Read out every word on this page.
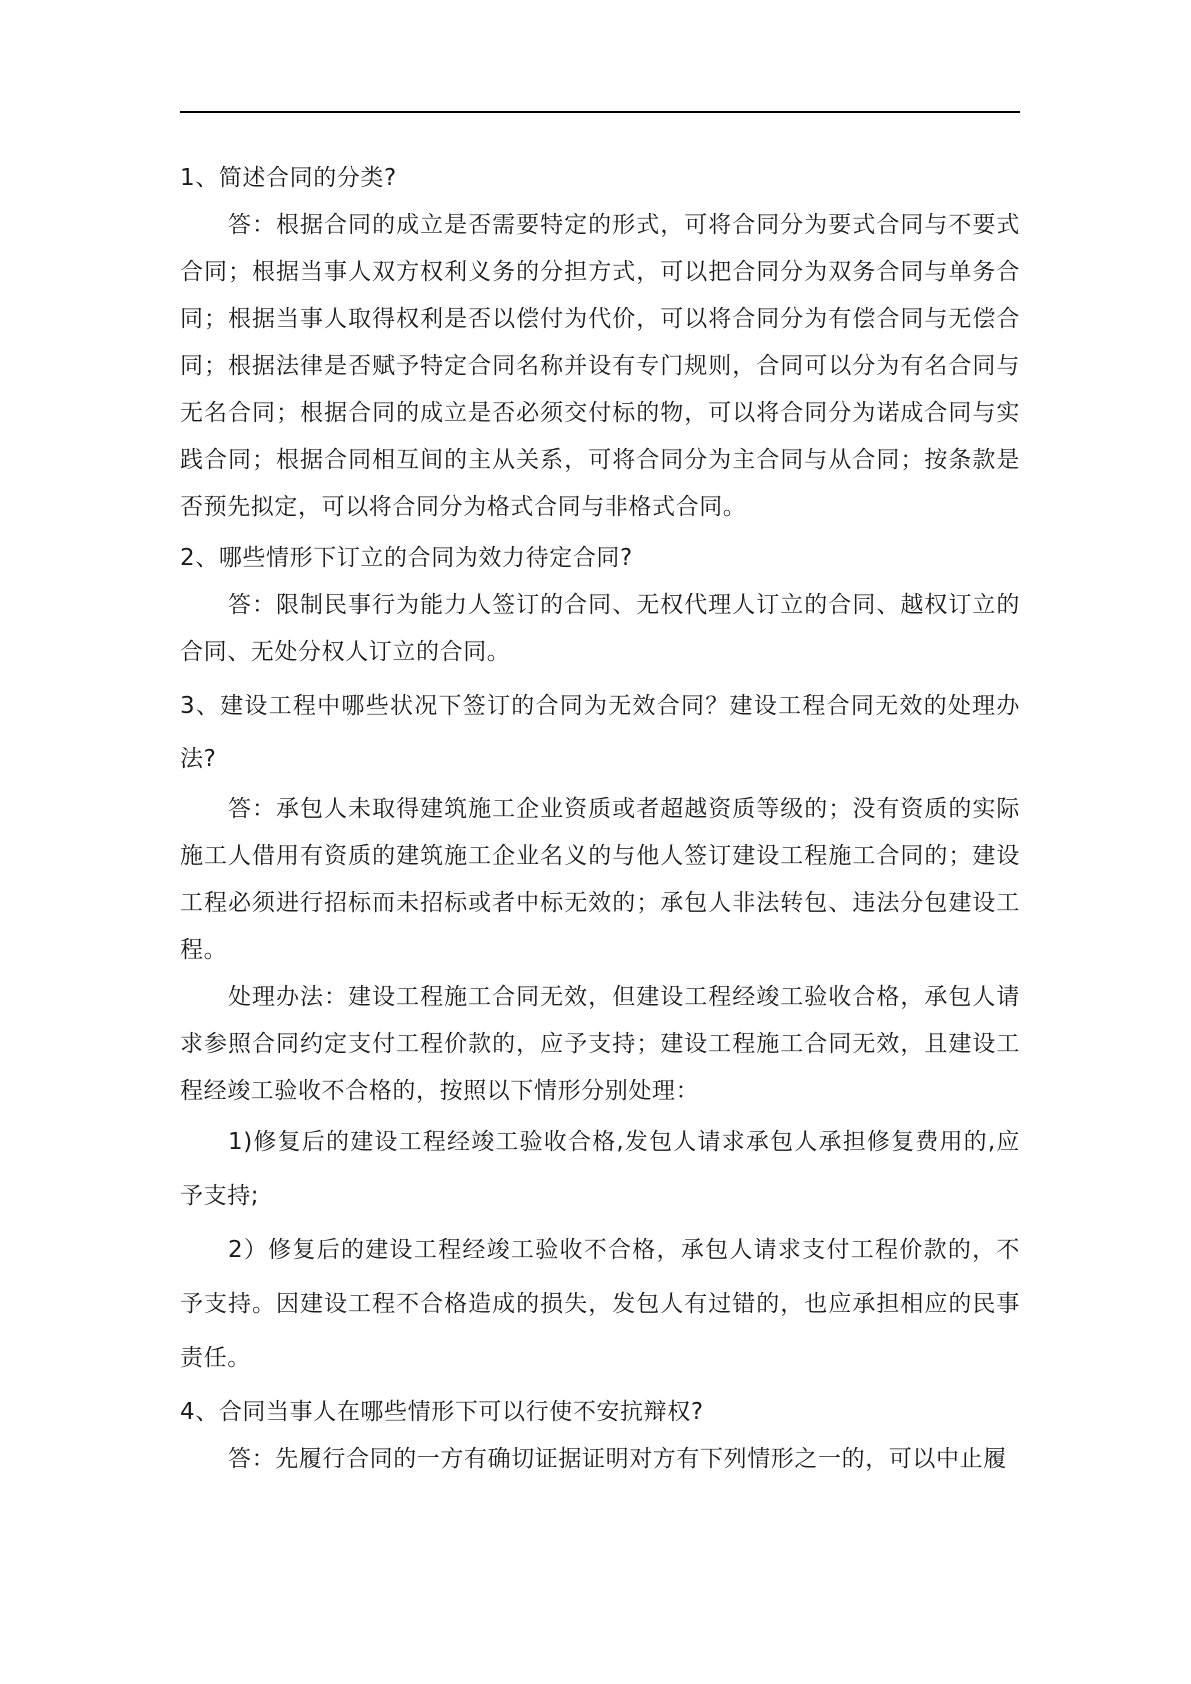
1、简述合同的分类?

答：根据合同的成立是否需要特定的形式，可将合同分为要式合同与不要式合同；根据当事人双方权利义务的分担方式，可以把合同分为双务合同与单务合同；根据当事人取得权利是否以偿付为代价，可以将合同分为有偿合同与无偿合同；根据法律是否赋予特定合同名称并设有专门规则，合同可以分为有名合同与无名合同；根据合同的成立是否必须交付标的物，可以将合同分为诺成合同与实践合同；根据合同相互间的主从关系，可将合同分为主合同与从合同；按条款是否预先拟定，可以将合同分为格式合同与非格式合同。

2、哪些情形下订立的合同为效力待定合同?

答：限制民事行为能力人签订的合同、无权代理人订立的合同、越权订立的合同、无处分权人订立的合同。

3、建设工程中哪些状况下签订的合同为无效合同？建设工程合同无效的处理办法?

答：承包人未取得建筑施工企业资质或者超越资质等级的；没有资质的实际施工人借用有资质的建筑施工企业名义的与他人签订建设工程施工合同的；建设工程必须进行招标而未招标或者中标无效的；承包人非法转包、违法分包建设工程。

处理办法：建设工程施工合同无效，但建设工程经竣工验收合格，承包人请求参照合同约定支付工程价款的，应予支持；建设工程施工合同无效，且建设工程经竣工验收不合格的，按照以下情形分别处理：

1)修复后的建设工程经竣工验收合格,发包人请求承包人承担修复费用的,应予支持;

2）修复后的建设工程经竣工验收不合格，承包人请求支付工程价款的，不予支持。因建设工程不合格造成的损失，发包人有过错的，也应承担相应的民事责任。

4、合同当事人在哪些情形下可以行使不安抗辩权?

答：先履行合同的一方有确切证据证明对方有下列情形之一的，可以中止履
